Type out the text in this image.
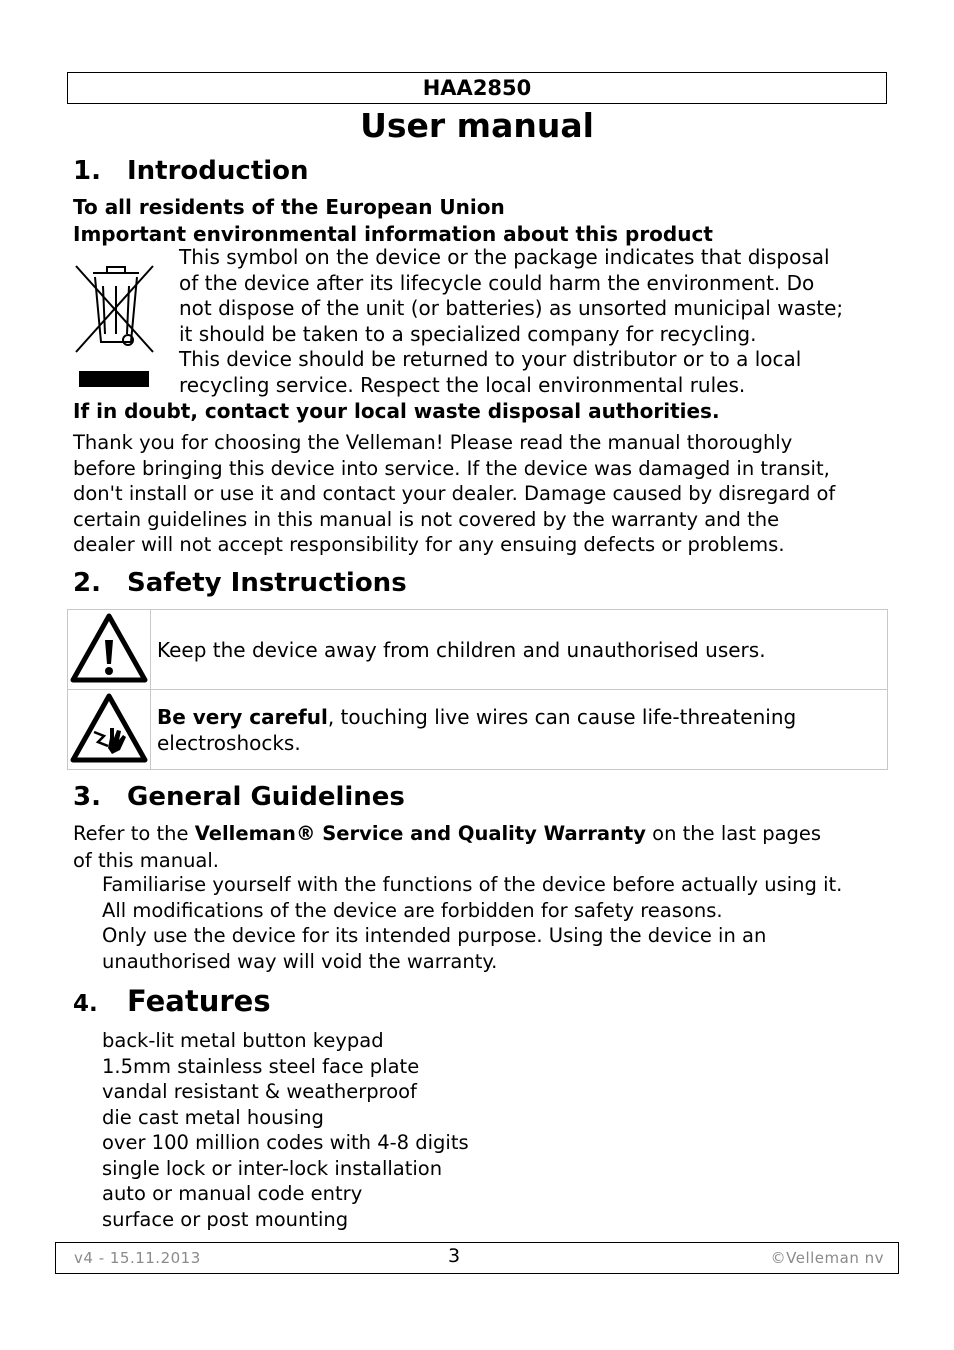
HAA2850
User manual
1. Introduction
To all residents of the European Union
Important environmental information about this product
This symbol on the device or the package indicates that disposal
of the device after its lifecycle could harm the environment. Do
not dispose of the unit (or batteries) as unsorted municipal waste;
it should be taken to a specialized company for recycling.
This device should be returned to your distributor or to a local
recycling service. Respect the local environmental rules.
If in doubt, contact your local waste disposal authorities.
Thank you for choosing the Velleman! Please read the manual thoroughly
before bringing this device into service. If the device was damaged in transit,
don't install or use it and contact your dealer. Damage caused by disregard of
certain guidelines in this manual is not covered by the warranty and the
dealer will not accept responsibility for any ensuing defects or problems.
2. Safety Instructions
	Keep the device away from children and unauthorised users.
	Be very careful, touching live wires can cause life-threatening
electroshocks.
3. General Guidelines
Refer to the Velleman® Service and Quality Warranty on the last pages
of this manual.
Familiarise yourself with the functions of the device before actually using it.
All modifications of the device are forbidden for safety reasons.
Only use the device for its intended purpose. Using the device in an
unauthorised way will void the warranty.
4. Features
back-lit metal button keypad
1.5mm stainless steel face plate
vandal resistant & weatherproof
die cast metal housing
over 100 million codes with 4-8 digits
single lock or inter-lock installation
auto or manual code entry
surface or post mounting
v4 - 15.11.2013	3	©Velleman nv
